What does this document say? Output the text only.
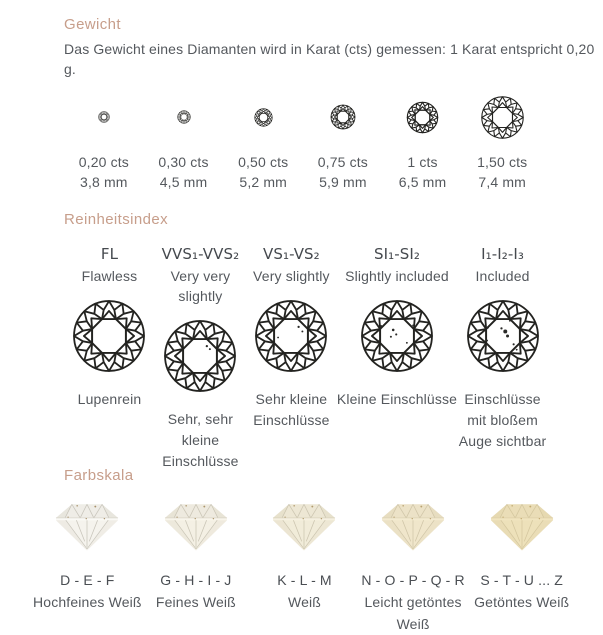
Gewicht

Das Gewicht eines Diamanten wird in Karat (cts) gemessen: 1 Karat entspricht 0,20 g.

0,20 cts
3,8 mm
0,30 cts
4,5 mm
0,50 cts
5,2 mm
0,75 cts
5,9 mm
1 cts
6,5 mm
1,50 cts
7,4 mm
Reinheitsindex
FL
Flawless
Lupenrein
VVS₁-VVS₂
Very very slightly
Sehr, sehr kleine Einschlüsse
VS₁-VS₂
Very slightly
Sehr kleine Einschlüsse
SI₁-SI₂
Slightly included
Kleine Einschlüsse
I₁-I₂-I₃
Included
Einschlüsse mit bloßem Auge sichtbar
Farbskala
D - E - F
Hochfeines Weiß
G - H - I - J
Feines Weiß
K - L - M
Weiß
N - O - P - Q - R
Leicht getöntes Weiß
S - T - U ... Z
Getöntes Weiß
